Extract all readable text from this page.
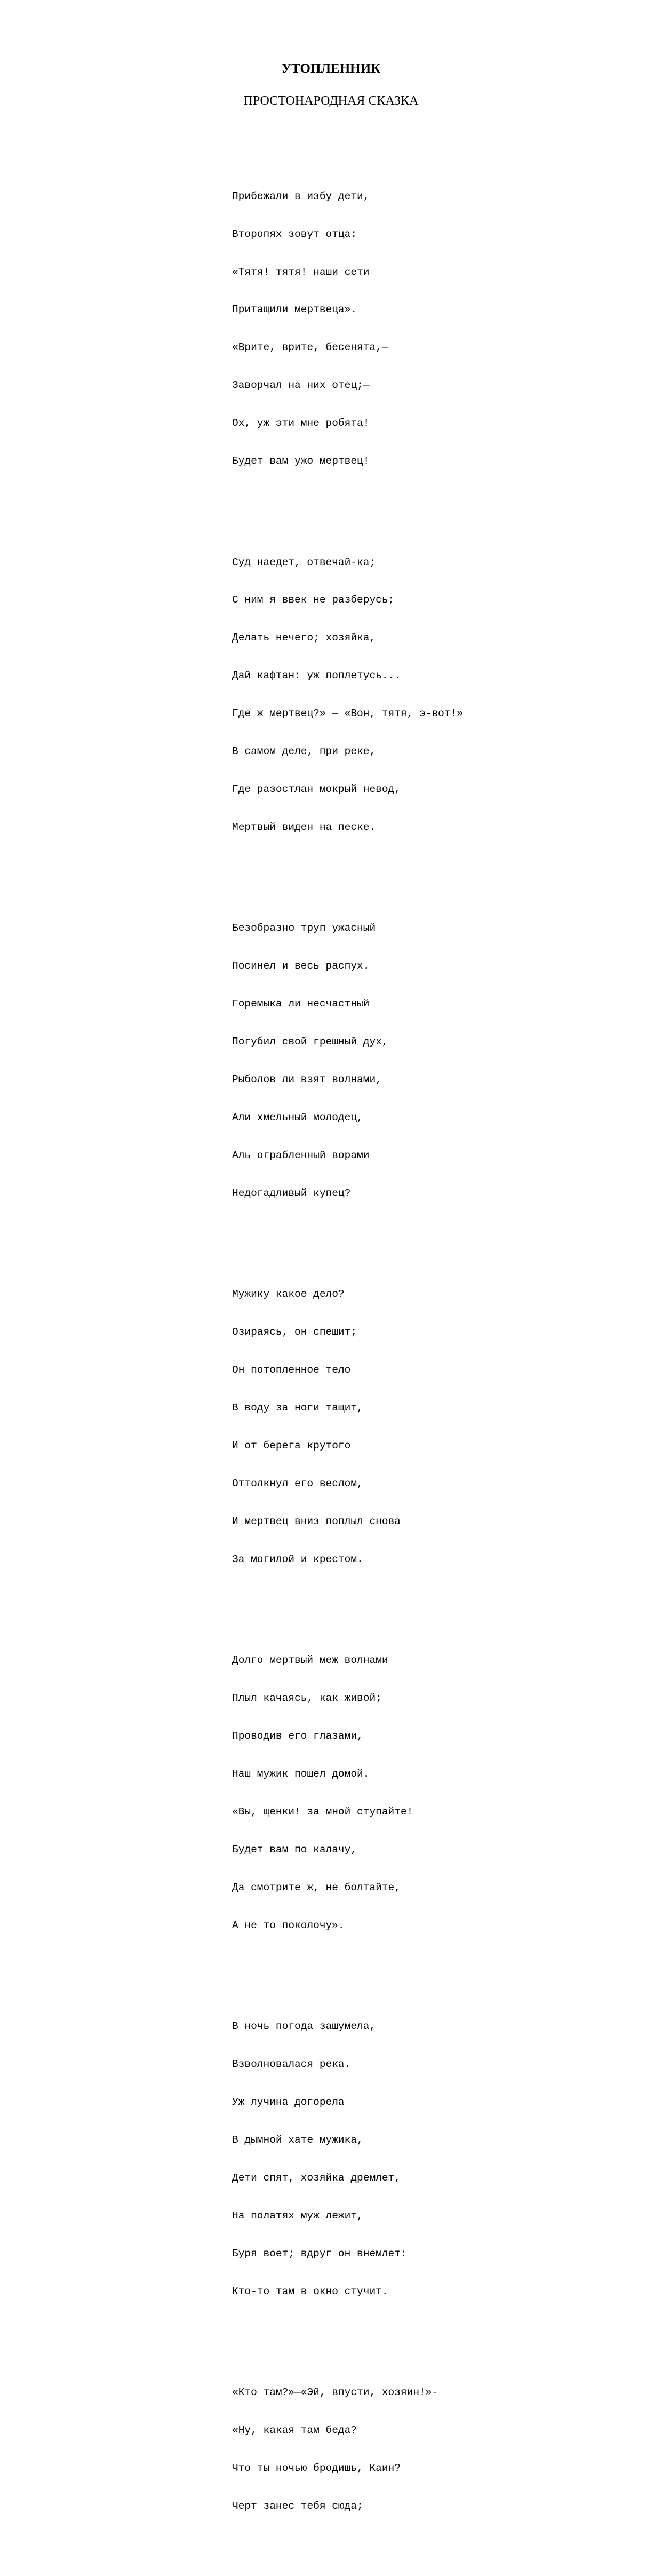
УТОПЛЕННИК
ПРОСТОНАРОДНАЯ СКАЗКА

Прибежали в избу дети,

Второпях зовут отца:

«Тятя! тятя! наши сети

Притащили мертвеца».

«Врите, врите, бесенята,—

Заворчал на них отец;—

Ох, уж эти мне робята!

Будет вам ужо мертвец!

Суд наедет, отвечай-ка;

С ним я ввек не разберусь;

Делать нечего; хозяйка,

Дай кафтан: уж поплетусь...

Где ж мертвец?» — «Вон, тятя, э-вот!»

В самом деле, при реке,

Где разостлан мокрый невод,

Мертвый виден на песке.

Безобразно труп ужасный

Посинел и весь распух.

Горемыка ли несчастный

Погубил свой грешный дух,

Рыболов ли взят волнами,

Али хмельный молодец,

Аль ограбленный ворами

Недогадливый купец?

Мужику какое дело?

Озираясь, он спешит;

Он потопленное тело

В воду за ноги тащит,

И от берега крутого

Оттолкнул его веслом,

И мертвец вниз поплыл снова

За могилой и крестом.

Долго мертвый меж волнами

Плыл качаясь, как живой;

Проводив его глазами,

Наш мужик пошел домой.

«Вы, щенки! за мной ступайте!

Будет вам по калачу,

Да смотрите ж, не болтайте,

А не то поколочу».

В ночь погода зашумела,

Взволновалася река.

Уж лучина догорела

В дымной хате мужика,

Дети спят, хозяйка дремлет,

На полатях муж лежит,

Буря воет; вдруг он внемлет:

Кто-то там в окно стучит.

«Кто там?»—«Эй, впусти, хозяин!»-

«Ну, какая там беда?

Что ты ночью бродишь, Каин?

Черт занес тебя сюда;
